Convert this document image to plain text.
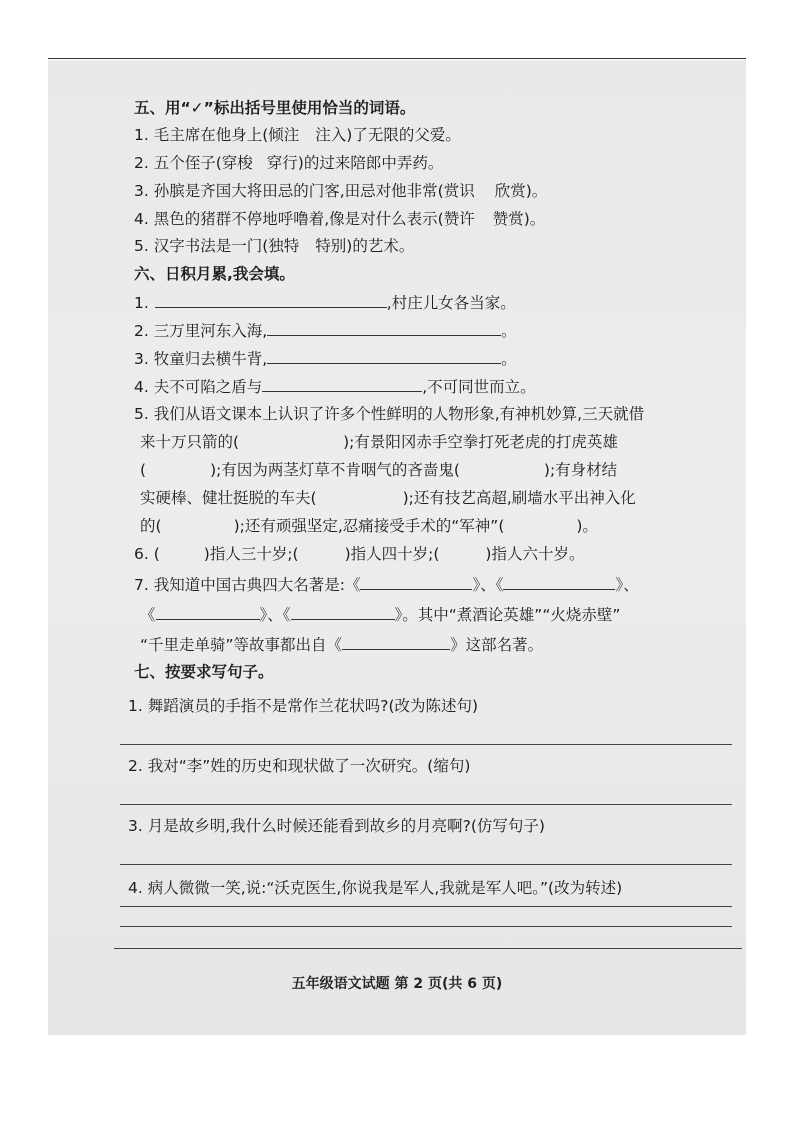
五、用“✓”标出括号里使用恰当的词语。
1. 毛主席在他身上(倾注 注入)了无限的父爱。
2. 五个侄子(穿梭 穿行)的过来陪郎中弄药。
3. 孙膑是齐国大将田忌的门客,田忌对他非常(赏识 欣赏)。
4. 黑色的猪群不停地呼噜着,像是对什么表示(赞许 赞赏)。
5. 汉字书法是一门(独特 特别)的艺术。
六、日积月累,我会填。
1.	,村庄儿女各当家。
2. 三万里河东入海,	。
3. 牧童归去横牛背,	。
4. 夫不可陷之盾与	,不可同世而立。
5. 我们从语文课本上认识了许多个性鲜明的人物形象,有神机妙算,三天就借
来十万只箭的(	);有景阳冈赤手空拳打死老虎的打虎英雄
(	);有因为两茎灯草不肯咽气的吝啬鬼(	);有身材结
实硬棒、健壮挺脱的车夫(	);还有技艺高超,刷墙水平出神入化
的(	);还有顽强坚定,忍痛接受手术的“军神”(	)。
6. (	)指人三十岁;(	)指人四十岁;(	)指人六十岁。
7. 我知道中国古典四大名著是:《	》、《	》、
《	》、《	》。其中“煮酒论英雄”“火烧赤壁”
“千里走单骑”等故事都出自《	》这部名著。
七、按要求写句子。
1. 舞蹈演员的手指不是常作兰花状吗?(改为陈述句)
2. 我对“李”姓的历史和现状做了一次研究。(缩句)
3. 月是故乡明,我什么时候还能看到故乡的月亮啊?(仿写句子)
4. 病人微微一笑,说:“沃克医生,你说我是军人,我就是军人吧。”(改为转述)
五年级语文试题 第 2 页(共 6 页)
